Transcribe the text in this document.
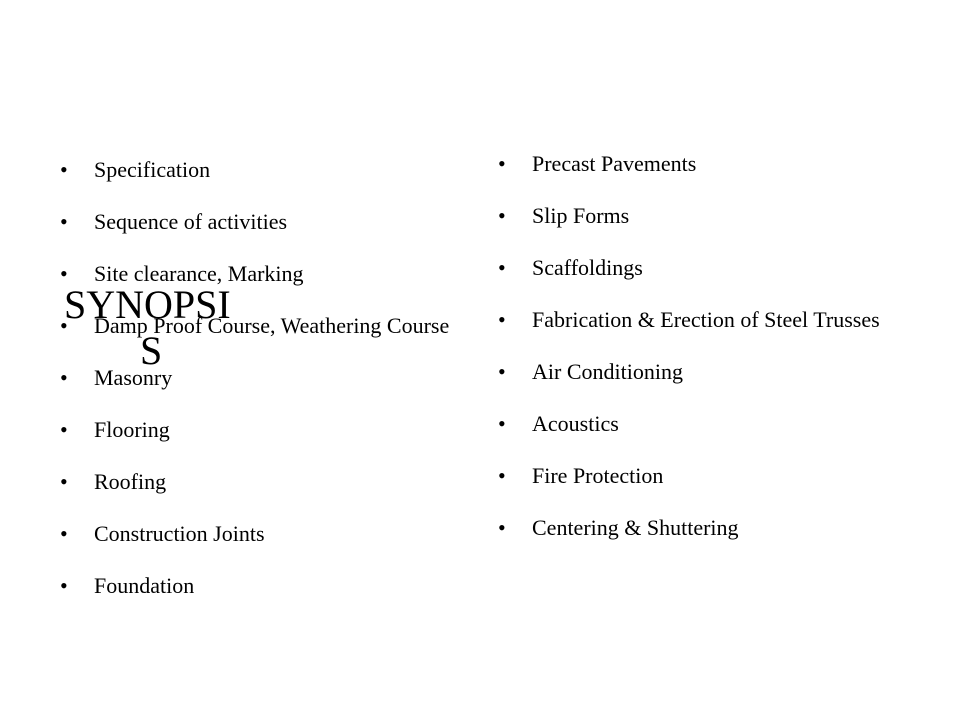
• Specification
• Sequence of activities
• Site clearance, Marking
• Damp Proof Course, Weathering Course
• Masonry
• Flooring
• Roofing
• Construction Joints
• Foundation
• Precast Pavements
• Slip Forms
• Scaffoldings
• Fabrication & Erection of Steel Trusses
• Air Conditioning
• Acoustics
• Fire Protection
• Centering & Shuttering
SYNOPSI
S
